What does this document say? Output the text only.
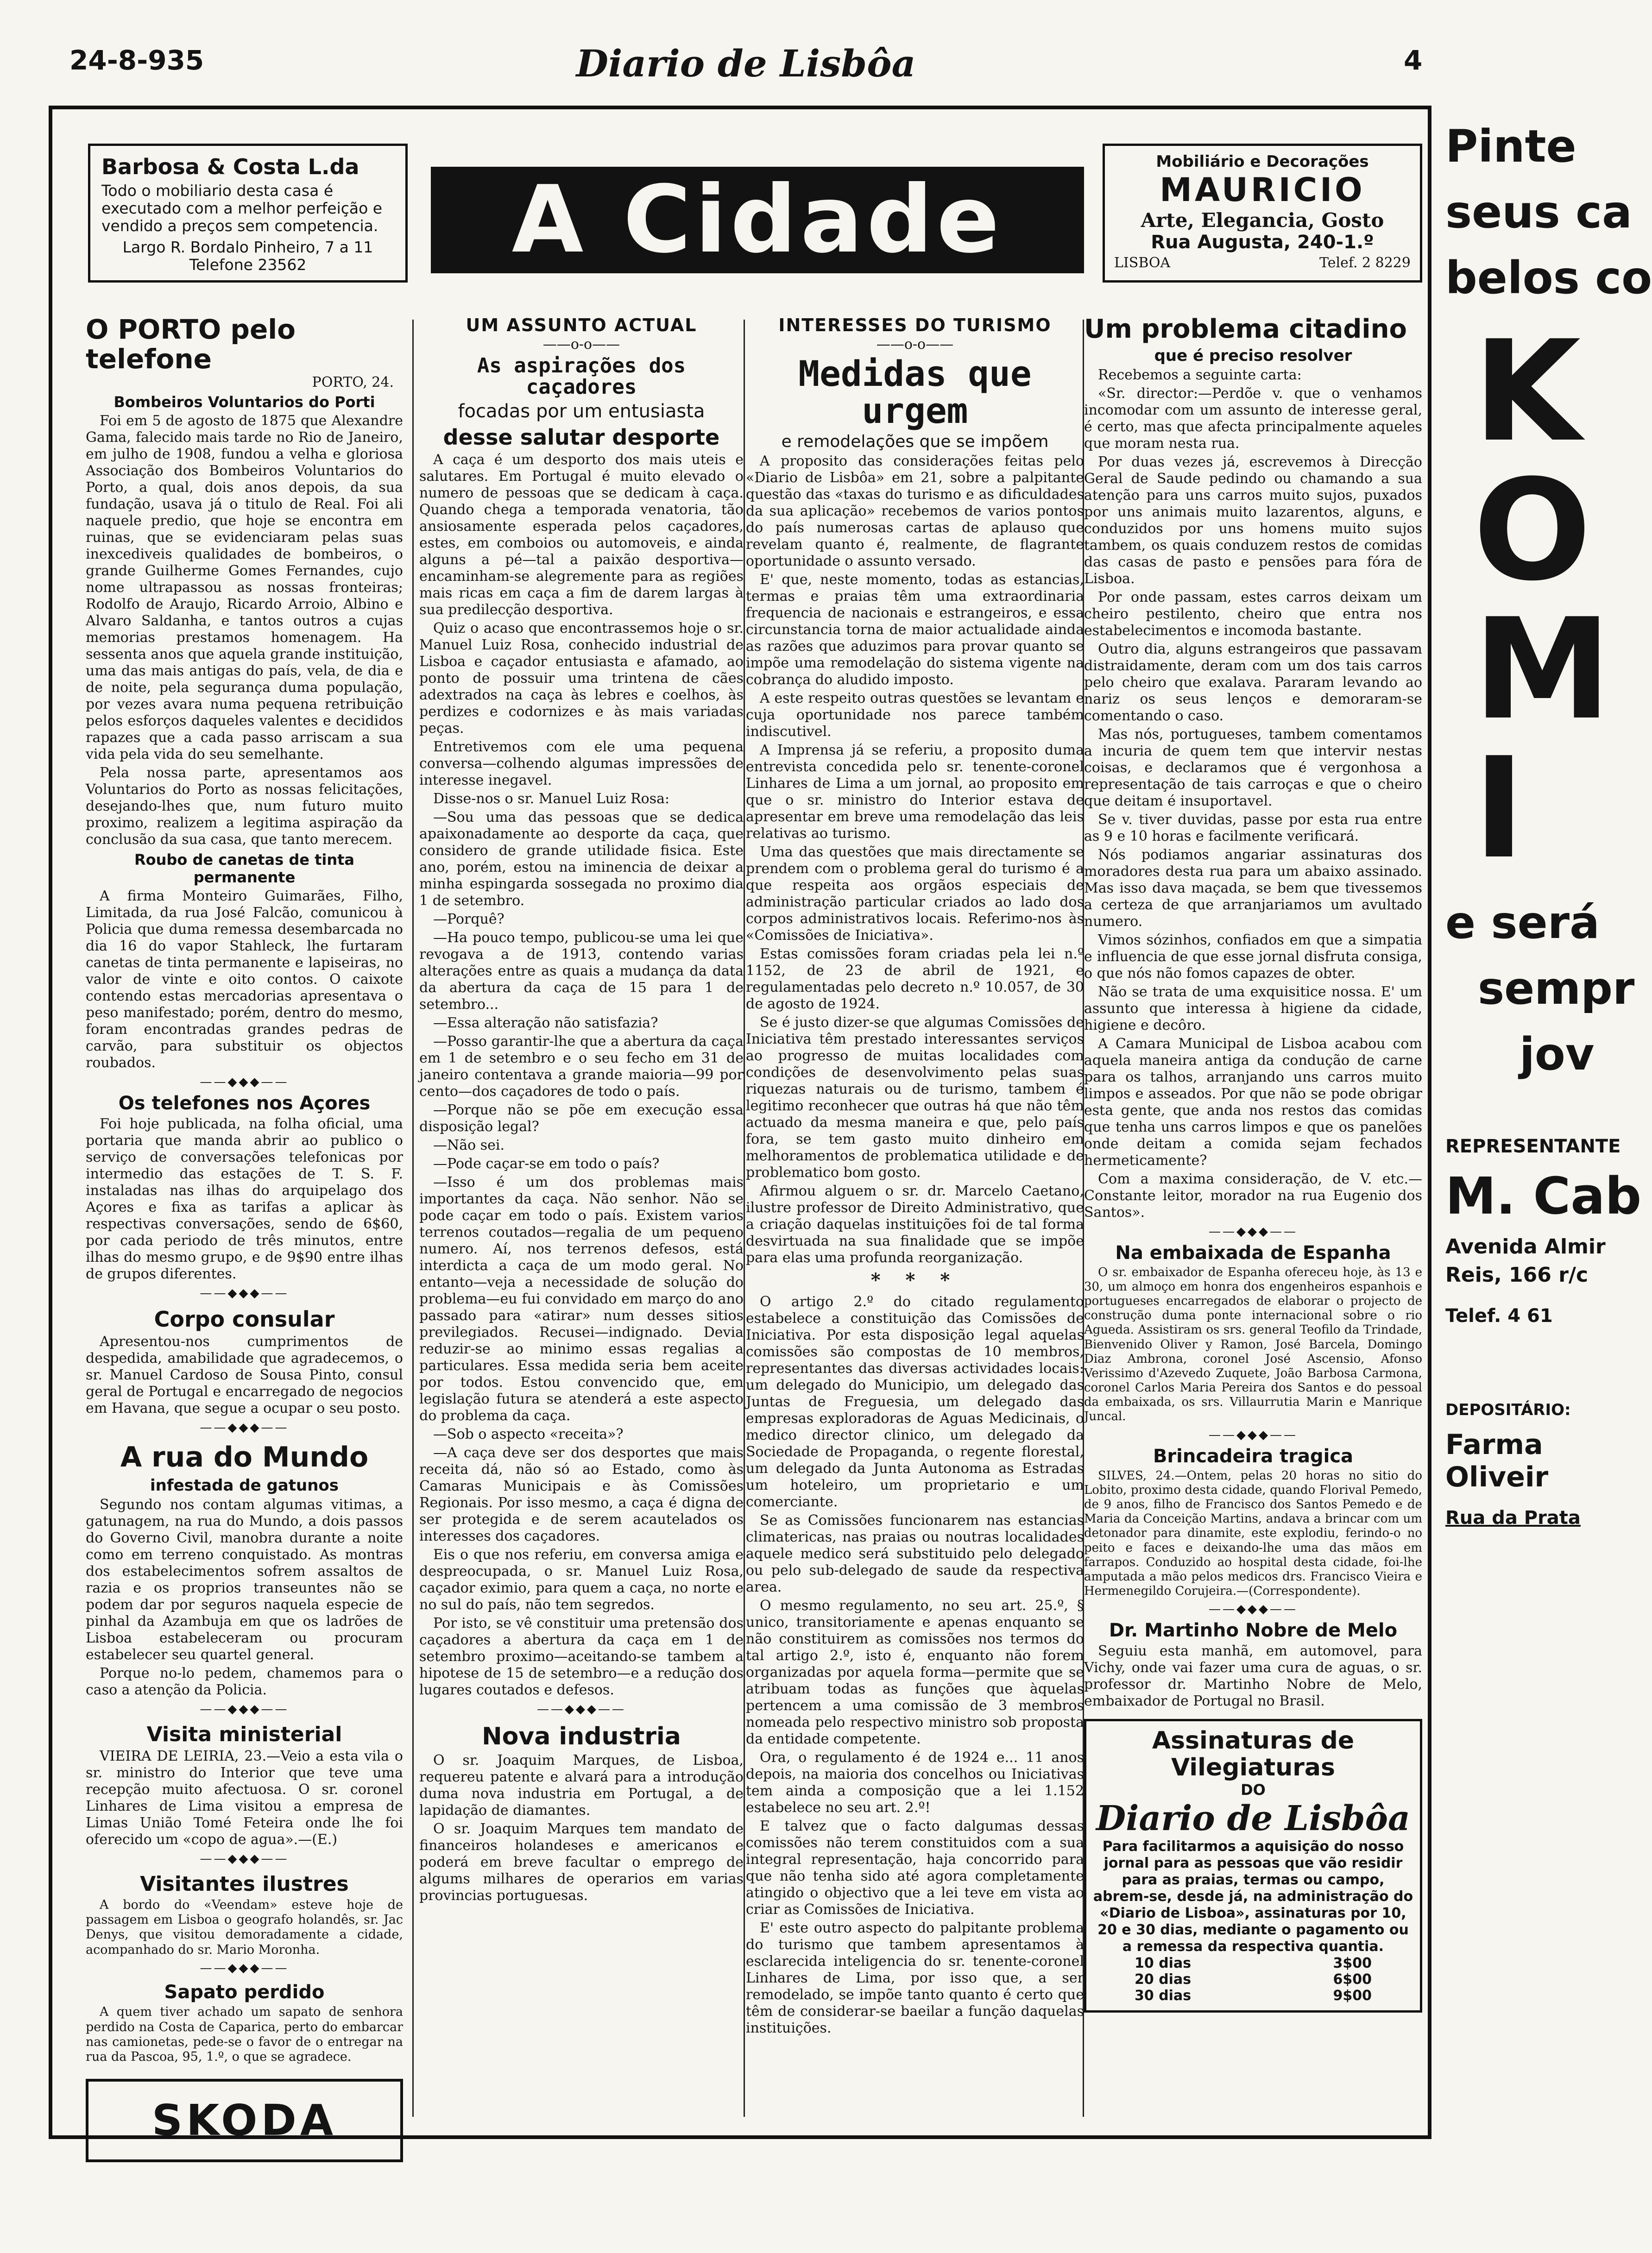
24-8-935	Diario de Lisbôa	4
Barbosa & Costa L.da
Todo o mobiliario desta casa é executado com a melhor perfeição e vendido a preços sem competencia.
Largo R. Bordalo Pinheiro, 7 a 11 Telefone 23562	A Cidade
Mobiliário e Decorações
MAURICIO
Arte, Elegancia, Gosto
Rua Augusta, 240-1.º
LISBOA	Telef. 2 8229
O PORTO pelo telefone
PORTO, 24.
Bombeiros Voluntarios do Porti

Foi em 5 de agosto de 1875 que Alexandre Gama, falecido mais tarde no Rio de Janeiro, em julho de 1908, fundou a velha e gloriosa Associação dos Bombeiros Voluntarios do Porto, a qual, dois anos depois, da sua fundação, usava já o titulo de Real. Foi ali naquele predio, que hoje se encontra em ruinas, que se evidenciaram pelas suas inexcediveis qualidades de bombeiros, o grande Guilherme Gomes Fernandes, cujo nome ultrapassou as nossas fronteiras; Rodolfo de Araujo, Ricardo Arroio, Albino e Alvaro Saldanha, e tantos outros a cujas memorias prestamos homenagem. Ha sessenta anos que aquela grande instituição, uma das mais antigas do país, vela, de dia e de noite, pela segurança duma população, por vezes avara numa pequena retribuição pelos esforços daqueles valentes e decididos rapazes que a cada passo arriscam a sua vida pela vida do seu semelhante.

Pela nossa parte, apresentamos aos Voluntarios do Porto as nossas felicitações, desejando-lhes que, num futuro muito proximo, realizem a legitima aspiração da conclusão da sua casa, que tanto merecem.

Roubo de canetas de tinta permanente

A firma Monteiro Guimarães, Filho, Limitada, da rua José Falcão, comunicou à Policia que duma remessa desembarcada no dia 16 do vapor Stahleck, lhe furtaram canetas de tinta permanente e lapiseiras, no valor de vinte e oito contos. O caixote contendo estas mercadorias apresentava o peso manifestado; porém, dentro do mesmo, foram encontradas grandes pedras de carvão, para substituir os objectos roubados.

——◆◆◆——
Os telefones nos Açores

Foi hoje publicada, na folha oficial, uma portaria que manda abrir ao publico o serviço de conversações telefonicas por intermedio das estações de T. S. F. instaladas nas ilhas do arquipelago dos Açores e fixa as tarifas a aplicar às respectivas conversações, sendo de 6$60, por cada periodo de três minutos, entre ilhas do mesmo grupo, e de 9$90 entre ilhas de grupos diferentes.

——◆◆◆——
Corpo consular

Apresentou-nos cumprimentos de despedida, amabilidade que agradecemos, o sr. Manuel Cardoso de Sousa Pinto, consul geral de Portugal e encarregado de negocios em Havana, que segue a ocupar o seu posto.

——◆◆◆——
A rua do Mundo
infestada de gatunos

Segundo nos contam algumas vitimas, a gatunagem, na rua do Mundo, a dois passos do Governo Civil, manobra durante a noite como em terreno conquistado. As montras dos estabelecimentos sofrem assaltos de razia e os proprios transeuntes não se podem dar por seguros naquela especie de pinhal da Azambuja em que os ladrões de Lisboa estabeleceram ou procuram estabelecer seu quartel general.

Porque no-lo pedem, chamemos para o caso a atenção da Policia.

——◆◆◆——
Visita ministerial

VIEIRA DE LEIRIA, 23.—Veio a esta vila o sr. ministro do Interior que teve uma recepção muito afectuosa. O sr. coronel Linhares de Lima visitou a empresa de Limas União Tomé Feteira onde lhe foi oferecido um «copo de agua».—(E.)

——◆◆◆——
Visitantes ilustres

A bordo do «Veendam» esteve hoje de passagem em Lisboa o geografo holandês, sr. Jac Denys, que visitou demoradamente a cidade, acompanhado do sr. Mario Moronha.

——◆◆◆——
Sapato perdido

A quem tiver achado um sapato de senhora perdido na Costa de Caparica, perto do embarcar nas camionetas, pede-se o favor de o entregar na rua da Pascoa, 95, 1.º, o que se agradece.

SKODA
UM ASSUNTO ACTUAL
——o-o——
As aspirações dos caçadores
focadas por um entusiasta
desse salutar desporte

A caça é um desporto dos mais uteis e salutares. Em Portugal é muito elevado o numero de pessoas que se dedicam à caça. Quando chega a temporada venatoria, tão ansiosamente esperada pelos caçadores, estes, em comboios ou automoveis, e ainda alguns a pé—tal a paixão desportiva—encaminham-se alegremente para as regiões mais ricas em caça a fim de darem largas à sua predilecção desportiva.

Quiz o acaso que encontrassemos hoje o sr. Manuel Luiz Rosa, conhecido industrial de Lisboa e caçador entusiasta e afamado, ao ponto de possuir uma trintena de cães adextrados na caça às lebres e coelhos, às perdizes e codornizes e às mais variadas peças.

Entretivemos com ele uma pequena conversa—colhendo algumas impressões de interesse inegavel.

Disse-nos o sr. Manuel Luiz Rosa:

—Sou uma das pessoas que se dedica apaixonadamente ao desporte da caça, que considero de grande utilidade fisica. Este ano, porém, estou na iminencia de deixar a minha espingarda sossegada no proximo dia 1 de setembro.

—Porquê?

—Ha pouco tempo, publicou-se uma lei que revogava a de 1913, contendo varias alterações entre as quais a mudança da data da abertura da caça de 15 para 1 de setembro...

—Essa alteração não satisfazia?

—Posso garantir-lhe que a abertura da caça em 1 de setembro e o seu fecho em 31 de janeiro contentava a grande maioria—99 por cento—dos caçadores de todo o país.

—Porque não se põe em execução essa disposição legal?

—Não sei.

—Pode caçar-se em todo o país?

—Isso é um dos problemas mais importantes da caça. Não senhor. Não se pode caçar em todo o país. Existem varios terrenos coutados—regalia de um pequeno numero. Aí, nos terrenos defesos, está interdicta a caça de um modo geral. No entanto—veja a necessidade de solução do problema—eu fui convidado em março do ano passado para «atirar» num desses sitios previlegiados. Recusei—indignado. Devia reduzir-se ao minimo essas regalias a particulares. Essa medida seria bem aceite por todos. Estou convencido que, em legislação futura se atenderá a este aspecto do problema da caça.

—Sob o aspecto «receita»?

—A caça deve ser dos desportes que mais receita dá, não só ao Estado, como às Camaras Municipais e às Comissões Regionais. Por isso mesmo, a caça é digna de ser protegida e de serem acautelados os interesses dos caçadores.

Eis o que nos referiu, em conversa amiga e despreocupada, o sr. Manuel Luiz Rosa, caçador eximio, para quem a caça, no norte e no sul do país, não tem segredos.

Por isto, se vê constituir uma pretensão dos caçadores a abertura da caça em 1 de setembro proximo—aceitando-se tambem a hipotese de 15 de setembro—e a redução dos lugares coutados e defesos.

——◆◆◆——
Nova industria

O sr. Joaquim Marques, de Lisboa, requereu patente e alvará para a introdução duma nova industria em Portugal, a de lapidação de diamantes.

O sr. Joaquim Marques tem mandato de financeiros holandeses e americanos e poderá em breve facultar o emprego de algums milhares de operarios em varias provincias portuguesas.

INTERESSES DO TURISMO
——o-o——
Medidas que urgem
e remodelações que se impõem

A proposito das considerações feitas pelo «Diario de Lisbôa» em 21, sobre a palpitante questão das «taxas do turismo e as dificuldades da sua aplicação» recebemos de varios pontos do país numerosas cartas de aplauso que revelam quanto é, realmente, de flagrante oportunidade o assunto versado.

E' que, neste momento, todas as estancias, termas e praias têm uma extraordinaria frequencia de nacionais e estrangeiros, e essa circunstancia torna de maior actualidade ainda as razões que aduzimos para provar quanto se impõe uma remodelação do sistema vigente na cobrança do aludido imposto.

A este respeito outras questões se levantam e cuja oportunidade nos parece também indiscutivel.

A Imprensa já se referiu, a proposito duma entrevista concedida pelo sr. tenente-coronel Linhares de Lima a um jornal, ao proposito em que o sr. ministro do Interior estava de apresentar em breve uma remodelação das leis relativas ao turismo.

Uma das questões que mais directamente se prendem com o problema geral do turismo é a que respeita aos orgãos especiais de administração particular criados ao lado dos corpos administrativos locais. Referimo-nos às «Comissões de Iniciativa».

Estas comissões foram criadas pela lei n.º 1152, de 23 de abril de 1921, e regulamentadas pelo decreto n.º 10.057, de 30 de agosto de 1924.

Se é justo dizer-se que algumas Comissões de Iniciativa têm prestado interessantes serviços ao progresso de muitas localidades com condições de desenvolvimento pelas suas riquezas naturais ou de turismo, tambem é legitimo reconhecer que outras há que não têm actuado da mesma maneira e que, pelo país fora, se tem gasto muito dinheiro em melhoramentos de problematica utilidade e de problematico bom gosto.

Afirmou alguem o sr. dr. Marcelo Caetano, ilustre professor de Direito Administrativo, que a criação daquelas instituições foi de tal forma desvirtuada na sua finalidade que se impõe para elas uma profunda reorganização.

* * *

O artigo 2.º do citado regulamento estabelece a constituição das Comissões de Iniciativa. Por esta disposição legal aquelas comissões são compostas de 10 membros, representantes das diversas actividades locais: um delegado do Municipio, um delegado das Juntas de Freguesia, um delegado das empresas exploradoras de Aguas Medicinais, o medico director clinico, um delegado da Sociedade de Propaganda, o regente florestal, um delegado da Junta Autonoma as Estradas um hoteleiro, um proprietario e um comerciante.

Se as Comissões funcionarem nas estancias climatericas, nas praias ou noutras localidades aquele medico será substituido pelo delegado ou pelo sub-delegado de saude da respectiva area.

O mesmo regulamento, no seu art. 25.º, § unico, transitoriamente e apenas enquanto se não constituirem as comissões nos termos do tal artigo 2.º, isto é, enquanto não forem organizadas por aquela forma—permite que se atribuam todas as funções que àquelas pertencem a uma comissão de 3 membros nomeada pelo respectivo ministro sob proposta da entidade competente.

Ora, o regulamento é de 1924 e... 11 anos depois, na maioria dos concelhos ou Iniciativas tem ainda a composição que a lei 1.152 estabelece no seu art. 2.º!

E talvez que o facto dalgumas dessas comissões não terem constituidos com a sua integral representação, haja concorrido para que não tenha sido até agora completamente atingido o objectivo que a lei teve em vista ao criar as Comissões de Iniciativa.

E' este outro aspecto do palpitante problema do turismo que tambem apresentamos à esclarecida inteligencia do sr. tenente-coronel Linhares de Lima, por isso que, a ser remodelado, se impõe tanto quanto é certo que têm de considerar-se baeilar a função daquelas instituições.

Um problema citadino
que é preciso resolver

Recebemos a seguinte carta:

«Sr. director:—Perdõe v. que o venhamos incomodar com um assunto de interesse geral, é certo, mas que afecta principalmente aqueles que moram nesta rua.

Por duas vezes já, escrevemos à Direcção Geral de Saude pedindo ou chamando a sua atenção para uns carros muito sujos, puxados por uns animais muito lazarentos, alguns, e conduzidos por uns homens muito sujos tambem, os quais conduzem restos de comidas das casas de pasto e pensões para fóra de Lisboa.

Por onde passam, estes carros deixam um cheiro pestilento, cheiro que entra nos estabelecimentos e incomoda bastante.

Outro dia, alguns estrangeiros que passavam distraidamente, deram com um dos tais carros pelo cheiro que exalava. Pararam levando ao nariz os seus lenços e demoraram-se comentando o caso.

Mas nós, portugueses, tambem comentamos a incuria de quem tem que intervir nestas coisas, e declaramos que é vergonhosa a representação de tais carroças e que o cheiro que deitam é insuportavel.

Se v. tiver duvidas, passe por esta rua entre as 9 e 10 horas e facilmente verificará.

Nós podiamos angariar assinaturas dos moradores desta rua para um abaixo assinado. Mas isso dava maçada, se bem que tivessemos a certeza de que arranjariamos um avultado numero.

Vimos sózinhos, confiados em que a simpatia e influencia de que esse jornal disfruta consiga, o que nós não fomos capazes de obter.

Não se trata de uma exquisitice nossa. E' um assunto que interessa à higiene da cidade, higiene e decôro.

A Camara Municipal de Lisboa acabou com aquela maneira antiga da condução de carne para os talhos, arranjando uns carros muito limpos e asseados. Por que não se pode obrigar esta gente, que anda nos restos das comidas que tenha uns carros limpos e que os panelões onde deitam a comida sejam fechados hermeticamente?

Com a maxima consideração, de V. etc.—Constante leitor, morador na rua Eugenio dos Santos».

——◆◆◆——
Na embaixada de Espanha

O sr. embaixador de Espanha ofereceu hoje, às 13 e 30, um almoço em honra dos engenheiros espanhois e portugueses encarregados de elaborar o projecto de construção duma ponte internacional sobre o rio Agueda. Assistiram os srs. general Teofilo da Trindade, Bienvenido Oliver y Ramon, José Barcela, Domingo Diaz Ambrona, coronel José Ascensio, Afonso Verissimo d'Azevedo Zuquete, João Barbosa Carmona, coronel Carlos Maria Pereira dos Santos e do pessoal da embaixada, os srs. Villaurrutia Marin e Manrique Juncal.

——◆◆◆——
Brincadeira tragica

SILVES, 24.—Ontem, pelas 20 horas no sitio do Lobito, proximo desta cidade, quando Florival Pemedo, de 9 anos, filho de Francisco dos Santos Pemedo e de Maria da Conceição Martins, andava a brincar com um detonador para dinamite, este explodiu, ferindo-o no peito e faces e deixando-lhe uma das mãos em farrapos. Conduzido ao hospital desta cidade, foi-lhe amputada a mão pelos medicos drs. Francisco Vieira e Hermenegildo Corujeira.—(Correspondente).

——◆◆◆——
Dr. Martinho Nobre de Melo

Seguiu esta manhã, em automovel, para Vichy, onde vai fazer uma cura de aguas, o sr. professor dr. Martinho Nobre de Melo, embaixador de Portugal no Brasil.

Assinaturas de Vilegiaturas
DO
Diario de Lisbôa
Para facilitarmos a aquisição do nosso jornal para as pessoas que vão residir para as praias, termas ou campo, abrem-se, desde já, na administração do «Diario de Lisboa», assinaturas por 10, 20 e 30 dias, mediante o pagamento ou a remessa da respectiva quantia.
10 dias	3$00
20 dias	6$00
30 dias	9$00
Pinte
seus ca
belos co
K
O
M
I
e será
sempr
jov
REPRESENTANTE
M. Cab
Avenida Almir
Reis, 166 r/c
Telef. 4 61
DEPOSITÁRIO:
Farma
Oliveir
Rua da Prata
